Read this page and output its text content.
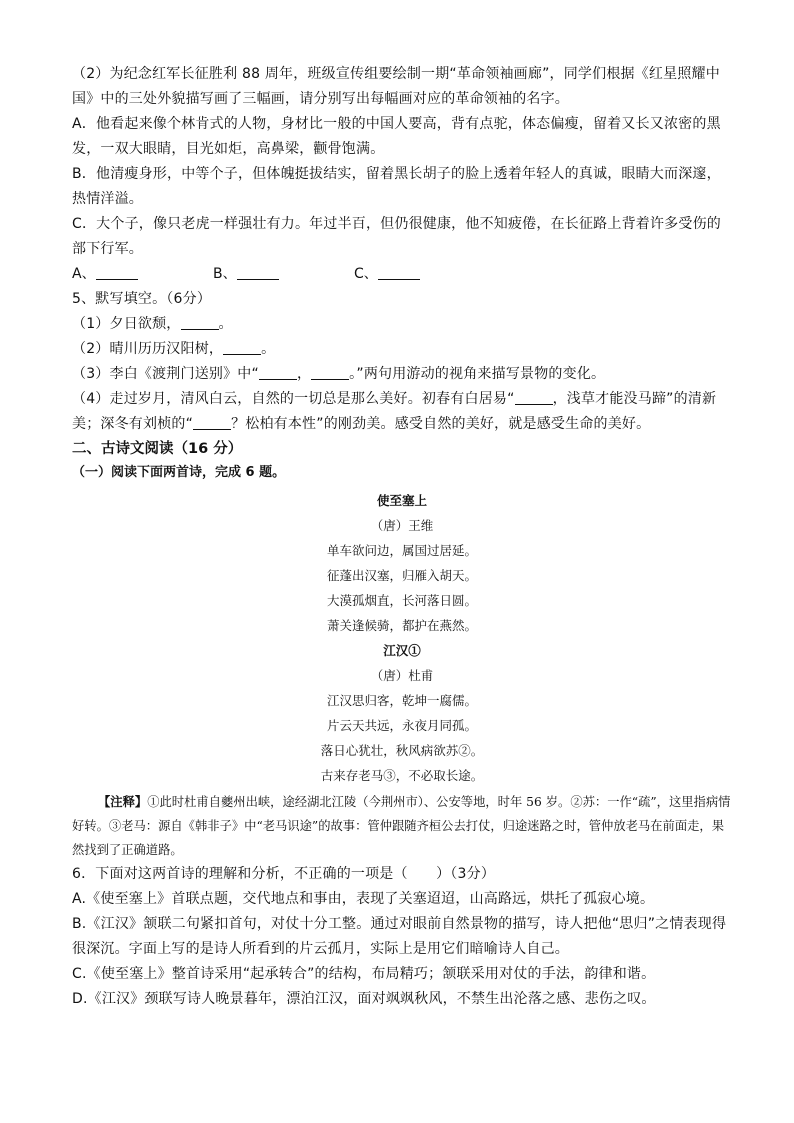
（2）为纪念红军长征胜利 88 周年，班级宣传组要绘制一期“革命领袖画廊”，同学们根据《红星照耀中国》中的三处外貌描写画了三幅画，请分别写出每幅画对应的革命领袖的名字。

A．他看起来像个林肯式的人物，身材比一般的中国人要高，背有点驼，体态偏瘦，留着又长又浓密的黑发，一双大眼睛，目光如炬，高鼻梁，颧骨饱满。

B．他清瘦身形，中等个子，但体魄挺拔结实，留着黑长胡子的脸上透着年轻人的真诚，眼睛大而深邃，热情洋溢。

C．大个子，像只老虎一样强壮有力。年过半百，但仍很健康，他不知疲倦，在长征路上背着许多受伤的部下行军。

A、	B、	C、

5、默写填空。（6分）

（1）夕日欲颓，	。

（2）晴川历历汉阳树，	。

（3）李白《渡荆门送别》中“	，	。”两句用游动的视角来描写景物的变化。

（4）走过岁月，清风白云，自然的一切总是那么美好。初春有白居易“	，浅草才能没马蹄”的清新美；深冬有刘桢的“	？松柏有本性”的刚劲美。感受自然的美好，就是感受生命的美好。

二、古诗文阅读（16 分）

（一）阅读下面两首诗，完成 6 题。

使至塞上

（唐）王维

单车欲问边，属国过居延。

征蓬出汉塞，归雁入胡天。

大漠孤烟直，长河落日圆。

萧关逢候骑，都护在燕然。

江汉①

（唐）杜甫

江汉思归客，乾坤一腐儒。

片云天共远，永夜月同孤。

落日心犹壮，秋风病欲苏②。

古来存老马③，不必取长途。

【注释】①此时杜甫自夔州出峡，途经湖北江陵（今荆州市）、公安等地，时年 56 岁。②苏：一作“疏”，这里指病情好转。③老马：源自《韩非子》中“老马识途”的故事：管仲跟随齐桓公去打仗，归途迷路之时，管仲放老马在前面走，果然找到了正确道路。

6．下面对这两首诗的理解和分析，不正确的一项是（　　）（3分）

A.《使至塞上》首联点题，交代地点和事由，表现了关塞迢迢，山高路远，烘托了孤寂心境。

B.《江汉》颔联二句紧扣首句，对仗十分工整。通过对眼前自然景物的描写，诗人把他“思归”之情表现得很深沉。字面上写的是诗人所看到的片云孤月，实际上是用它们暗喻诗人自己。

C.《使至塞上》整首诗采用“起承转合”的结构，布局精巧；颔联采用对仗的手法，韵律和谐。

D.《江汉》颈联写诗人晚景暮年，漂泊江汉，面对飒飒秋风，不禁生出沦落之感、悲伤之叹。
